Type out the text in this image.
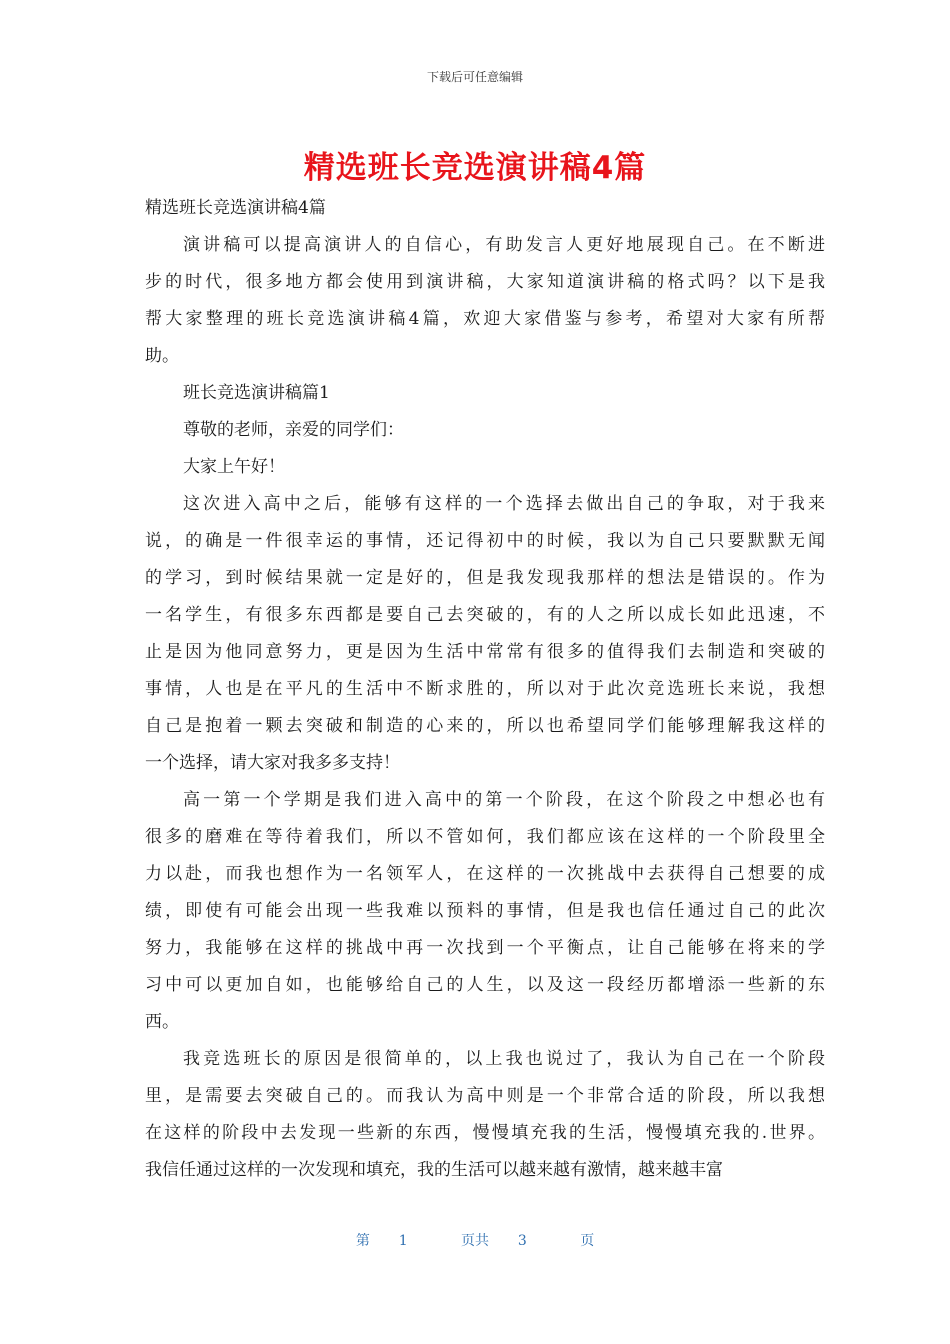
下载后可任意编辑
精选班长竞选演讲稿4篇
精选班长竞选演讲稿4篇
演讲稿可以提高演讲人的自信心，有助发言人更好地展现自己。在不断进
步的时代，很多地方都会使用到演讲稿，大家知道演讲稿的格式吗？以下是我
帮大家整理的班长竞选演讲稿4篇，欢迎大家借鉴与参考，希望对大家有所帮
助。
班长竞选演讲稿篇1
尊敬的老师，亲爱的同学们：
大家上午好！
这次进入高中之后，能够有这样的一个选择去做出自己的争取，对于我来
说，的确是一件很幸运的事情，还记得初中的时候，我以为自己只要默默无闻
的学习，到时候结果就一定是好的，但是我发现我那样的想法是错误的。作为
一名学生，有很多东西都是要自己去突破的，有的人之所以成长如此迅速，不
止是因为他同意努力，更是因为生活中常常有很多的值得我们去制造和突破的
事情，人也是在平凡的生活中不断求胜的，所以对于此次竞选班长来说，我想
自己是抱着一颗去突破和制造的心来的，所以也希望同学们能够理解我这样的
一个选择，请大家对我多多支持！
高一第一个学期是我们进入高中的第一个阶段，在这个阶段之中想必也有
很多的磨难在等待着我们，所以不管如何，我们都应该在这样的一个阶段里全
力以赴，而我也想作为一名领军人，在这样的一次挑战中去获得自己想要的成
绩，即使有可能会出现一些我难以预料的事情，但是我也信任通过自己的此次
努力，我能够在这样的挑战中再一次找到一个平衡点，让自己能够在将来的学
习中可以更加自如，也能够给自己的人生，以及这一段经历都增添一些新的东
西。
我竞选班长的原因是很简单的，以上我也说过了，我认为自己在一个阶段
里，是需要去突破自己的。而我认为高中则是一个非常合适的阶段，所以我想
在这样的阶段中去发现一些新的东西，慢慢填充我的生活，慢慢填充我的.世界。
我信任通过这样的一次发现和填充，我的生活可以越来越有激情，越来越丰富
第 1	页共 3	页
